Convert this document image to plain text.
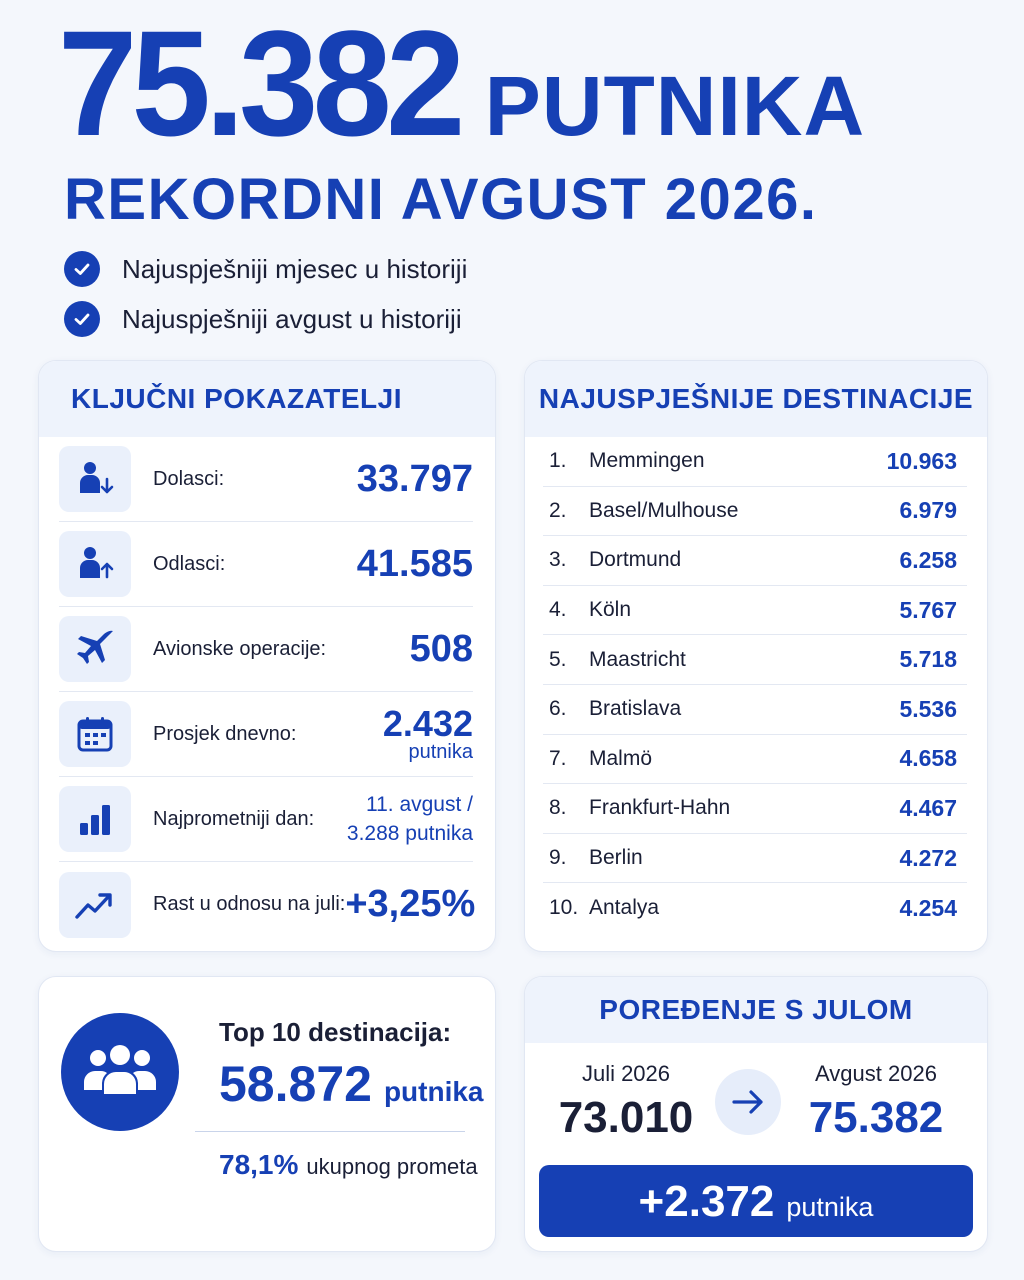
75.382 PUTNIKA
REKORDNI AVGUST 2026.
Najuspješniji mjesec u historiji
Najuspješniji avgust u historiji
KLJUČNI POKAZATELJI
Dolasci:	33.797
Odlasci:	41.585
Avionske operacije:	508
Prosjek dnevno:	2.432
putnika
Najprometniji dan:
11. avgust /
3.288 putnika
Rast u odnosu na juli: +3,25%
NAJUSPJEŠNIJE DESTINACIJE
1.	Memmingen	10.963
2.	Basel/Mulhouse	6.979
3.	Dortmund	6.258
4.	Köln	5.767
5.	Maastricht	5.718
6.	Bratislava	5.536
7.	Malmö	4.658
8.	Frankfurt-Hahn	4.467
9.	Berlin	4.272
10. Antalya	4.254
Top 10 destinacija:
58.872 putnika
78,1% ukupnog prometa
POREĐENJE S JULOM
Juli 2026
73.010
Avgust 2026
75.382
+2.372 putnika
